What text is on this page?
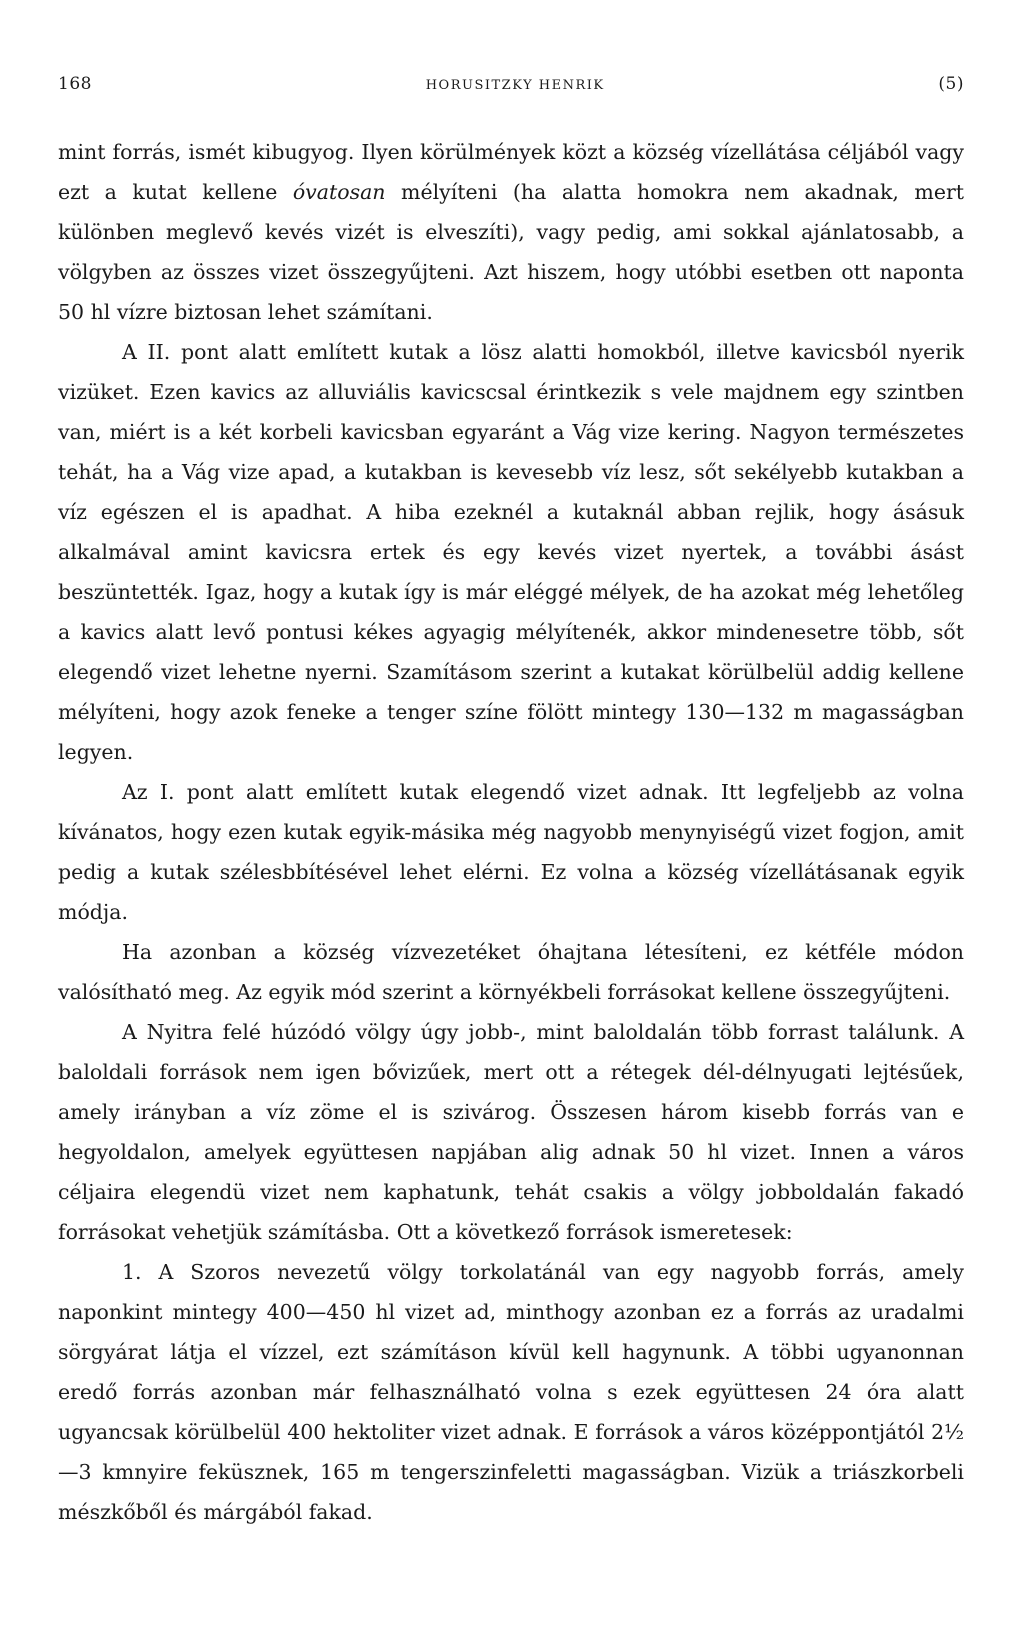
168	HORUSITZKY HENRIK	(5)

mint forrás, ismét kibugyog. Ilyen körülmények közt a község vízellátása céljából vagy ezt a kutat kellene óvatosan mélyíteni (ha alatta homokra nem akadnak, mert különben meglevő kevés vizét is elveszíti), vagy pedig, ami sokkal ajánlatosabb, a völgyben az összes vizet összegyűjteni. Azt hiszem, hogy utóbbi esetben ott naponta 50 hl vízre biztosan lehet számítani.

A II. pont alatt említett kutak a lösz alatti homokból, illetve kavicsból nyerik vizüket. Ezen kavics az alluviális kavicscsal érintkezik s vele majdnem egy szintben van, miért is a két korbeli kavicsban egyaránt a Vág vize kering. Nagyon természetes tehát, ha a Vág vize apad, a kutakban is kevesebb víz lesz, sőt sekélyebb kutakban a víz egészen el is apadhat. A hiba ezeknél a kutaknál abban rejlik, hogy ásásuk alkalmával amint kavicsra ertek és egy kevés vizet nyertek, a további ásást beszüntették. Igaz, hogy a kutak így is már eléggé mélyek, de ha azokat még lehetőleg a kavics alatt levő pontusi kékes agyagig mélyítenék, akkor mindenesetre több, sőt elegendő vizet lehetne nyerni. Szamításom szerint a kutakat körülbelül addig kellene mélyíteni, hogy azok feneke a tenger színe fölött mintegy 130—132 m magasságban legyen.

Az I. pont alatt említett kutak elegendő vizet adnak. Itt legfeljebb az volna kívánatos, hogy ezen kutak egyik-másika még nagyobb menynyiségű vizet fogjon, amit pedig a kutak szélesbbítésével lehet elérni. Ez volna a község vízellátásanak egyik módja.

Ha azonban a község vízvezetéket óhajtana létesíteni, ez kétféle módon valósítható meg. Az egyik mód szerint a környékbeli forrásokat kellene összegyűjteni.

A Nyitra felé húzódó völgy úgy jobb-, mint baloldalán több forrast találunk. A baloldali források nem igen bővizűek, mert ott a rétegek dél-délnyugati lejtésűek, amely irányban a víz zöme el is szivárog. Összesen három kisebb forrás van e hegyoldalon, amelyek együttesen napjában alig adnak 50 hl vizet. Innen a város céljaira elegendü vizet nem kaphatunk, tehát csakis a völgy jobboldalán fakadó forrásokat vehetjük számításba. Ott a következő források ismeretesek:

1. A Szoros nevezetű völgy torkolatánál van egy nagyobb forrás, amely naponkint mintegy 400—450 hl vizet ad, minthogy azonban ez a forrás az uradalmi sörgyárat látja el vízzel, ezt számításon kívül kell hagynunk. A többi ugyanonnan eredő forrás azonban már felhasználható volna s ezek együttesen 24 óra alatt ugyancsak körülbelül 400 hektoliter vizet adnak. E források a város középpontjától 2½—3 kmnyire feküsznek, 165 m tengerszinfeletti magasságban. Vizük a triászkorbeli mészkőből és márgából fakad.
